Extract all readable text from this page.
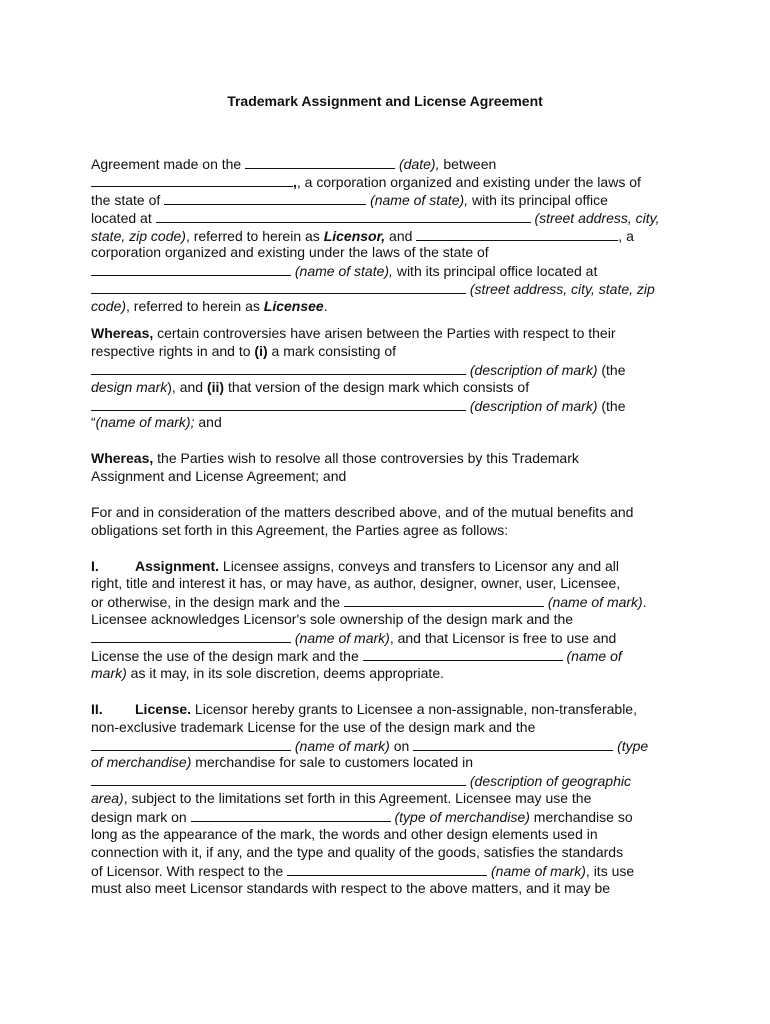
Trademark Assignment and License Agreement
Agreement made on the	(date), between
,, a corporation organized and existing under the laws of
the state of	(name of state), with its principal office
located at	(street address, city,
state, zip code), referred to herein as Licensor, and	, a
corporation organized and existing under the laws of the state of
(name of state), with its principal office located at
(street address, city, state, zip
code), referred to herein as Licensee.
Whereas, certain controversies have arisen between the Parties with respect to their
respective rights in and to (i) a mark consisting of
(description of mark) (the
design mark), and (ii) that version of the design mark which consists of
(description of mark) (the
“(name of mark); and
Whereas, the Parties wish to resolve all those controversies by this Trademark
Assignment and License Agreement; and
For and in consideration of the matters described above, and of the mutual benefits and
obligations set forth in this Agreement, the Parties agree as follows:
I.	Assignment. Licensee assigns, conveys and transfers to Licensor any and all
right, title and interest it has, or may have, as author, designer, owner, user, Licensee,
or otherwise, in the design mark and the	(name of mark).
Licensee acknowledges Licensor's sole ownership of the design mark and the
(name of mark), and that Licensor is free to use and
License the use of the design mark and the	(name of
mark) as it may, in its sole discretion, deems appropriate.
II. License. Licensor hereby grants to Licensee a non-assignable, non-transferable,
non-exclusive trademark License for the use of the design mark and the
(name of mark) on	(type
of merchandise) merchandise for sale to customers located in
(description of geographic
area), subject to the limitations set forth in this Agreement. Licensee may use the
design mark on	(type of merchandise) merchandise so
long as the appearance of the mark, the words and other design elements used in
connection with it, if any, and the type and quality of the goods, satisfies the standards
of Licensor. With respect to the	(name of mark), its use
must also meet Licensor standards with respect to the above matters, and it may be
